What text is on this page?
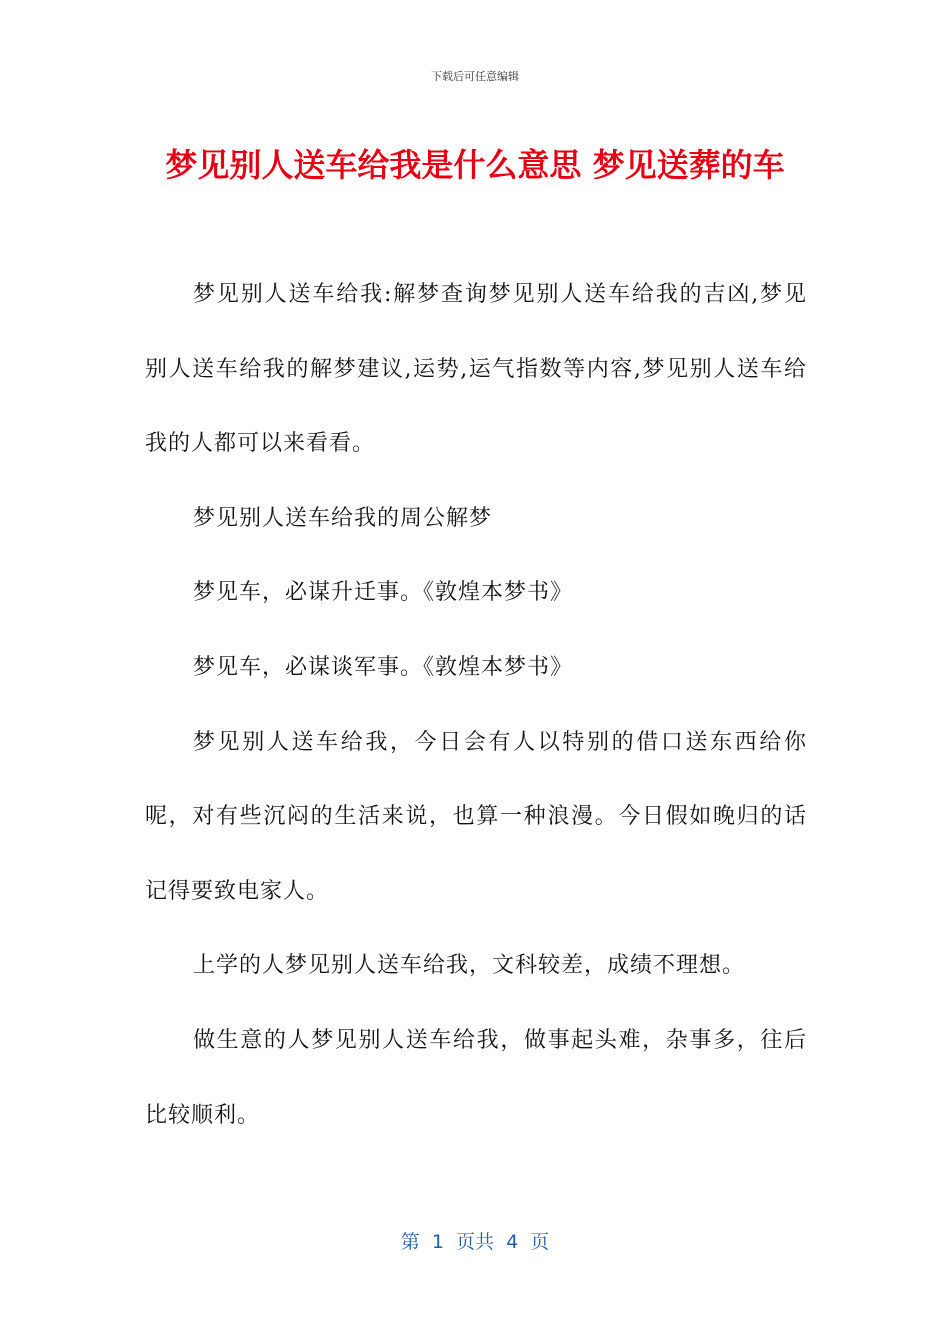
下载后可任意编辑
梦见别人送车给我是什么意思 梦见送葬的车

梦见别人送车给我:解梦查询梦见别人送车给我的吉凶,梦见别人送车给我的解梦建议,运势,运气指数等内容,梦见别人送车给我的人都可以来看看。

梦见别人送车给我的周公解梦

梦见车，必谋升迁事。《敦煌本梦书》

梦见车，必谋谈军事。《敦煌本梦书》

梦见别人送车给我，今日会有人以特别的借口送东西给你呢，对有些沉闷的生活来说，也算一种浪漫。今日假如晚归的话记得要致电家人。

上学的人梦见别人送车给我，文科较差，成绩不理想。

做生意的人梦见别人送车给我，做事起头难，杂事多，往后比较顺利。

第  1  页共  4  页
